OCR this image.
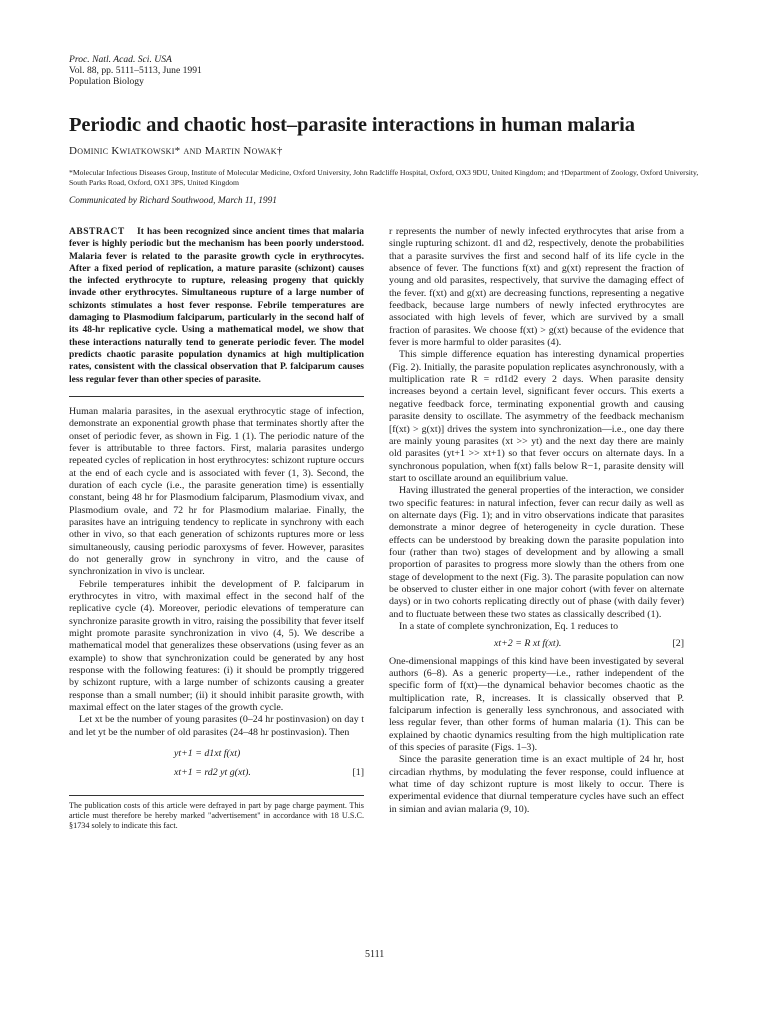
Proc. Natl. Acad. Sci. USA
Vol. 88, pp. 5111–5113, June 1991
Population Biology
Periodic and chaotic host–parasite interactions in human malaria
Dominic Kwiatkowski* and Martin Nowak†
*Molecular Infectious Diseases Group, Institute of Molecular Medicine, Oxford University, John Radcliffe Hospital, Oxford, OX3 9DU, United Kingdom; and †Department of Zoology, Oxford University, South Parks Road, Oxford, OX1 3PS, United Kingdom
Communicated by Richard Southwood, March 11, 1991

ABSTRACT It has been recognized since ancient times that malaria fever is highly periodic but the mechanism has been poorly understood. Malaria fever is related to the parasite growth cycle in erythrocytes. After a fixed period of replication, a mature parasite (schizont) causes the infected erythrocyte to rupture, releasing progeny that quickly invade other erythrocytes. Simultaneous rupture of a large number of schizonts stimulates a host fever response. Febrile temperatures are damaging to Plasmodium falciparum, particularly in the second half of its 48-hr replicative cycle. Using a mathematical model, we show that these interactions naturally tend to generate periodic fever. The model predicts chaotic parasite population dynamics at high multiplication rates, consistent with the classical observation that P. falciparum causes less regular fever than other species of parasite.

Human malaria parasites, in the asexual erythrocytic stage of infection, demonstrate an exponential growth phase that terminates shortly after the onset of periodic fever, as shown in Fig. 1 (1). The periodic nature of the fever is attributable to three factors. First, malaria parasites undergo repeated cycles of replication in host erythrocytes: schizont rupture occurs at the end of each cycle and is associated with fever (1, 3). Second, the duration of each cycle (i.e., the parasite generation time) is essentially constant, being 48 hr for Plasmodium falciparum, Plasmodium vivax, and Plasmodium ovale, and 72 hr for Plasmodium malariae. Finally, the parasites have an intriguing tendency to replicate in synchrony with each other in vivo, so that each generation of schizonts ruptures more or less simultaneously, causing periodic paroxysms of fever. However, parasites do not generally grow in synchrony in vitro, and the cause of synchronization in vivo is unclear.

Febrile temperatures inhibit the development of P. falciparum in erythrocytes in vitro, with maximal effect in the second half of the replicative cycle (4). Moreover, periodic elevations of temperature can synchronize parasite growth in vitro, raising the possibility that fever itself might promote parasite synchronization in vivo (4, 5). We describe a mathematical model that generalizes these observations (using fever as an example) to show that synchronization could be generated by any host response with the following features: (i) it should be promptly triggered by schizont rupture, with a large number of schizonts causing a greater response than a small number; (ii) it should inhibit parasite growth, with maximal effect on the later stages of the growth cycle.

Let xt be the number of young parasites (0–24 hr postinvasion) on day t and let yt be the number of old parasites (24–48 hr postinvasion). Then

yt+1 = d1xt f(xt)
xt+1 = rd2 yt g(xt).	[1]

The publication costs of this article were defrayed in part by page charge payment. This article must therefore be hereby marked "advertisement" in accordance with 18 U.S.C. §1734 solely to indicate this fact.

r represents the number of newly infected erythrocytes that arise from a single rupturing schizont. d1 and d2, respectively, denote the probabilities that a parasite survives the first and second half of its life cycle in the absence of fever. The functions f(xt) and g(xt) represent the fraction of young and old parasites, respectively, that survive the damaging effect of the fever. f(xt) and g(xt) are decreasing functions, representing a negative feedback, because large numbers of newly infected erythrocytes are associated with high levels of fever, which are survived by a small fraction of parasites. We choose f(xt) > g(xt) because of the evidence that fever is more harmful to older parasites (4).

This simple difference equation has interesting dynamical properties (Fig. 2). Initially, the parasite population replicates asynchronously, with a multiplication rate R = rd1d2 every 2 days. When parasite density increases beyond a certain level, significant fever occurs. This exerts a negative feedback force, terminating exponential growth and causing parasite density to oscillate. The asymmetry of the feedback mechanism [f(xt) > g(xt)] drives the system into synchronization—i.e., one day there are mainly young parasites (xt >> yt) and the next day there are mainly old parasites (yt+1 >> xt+1) so that fever occurs on alternate days. In a synchronous population, when f(xt) falls below R−1, parasite density will start to oscillate around an equilibrium value.

Having illustrated the general properties of the interaction, we consider two specific features: in natural infection, fever can recur daily as well as on alternate days (Fig. 1); and in vitro observations indicate that parasites demonstrate a minor degree of heterogeneity in cycle duration. These effects can be understood by breaking down the parasite population into four (rather than two) stages of development and by allowing a small proportion of parasites to progress more slowly than the others from one stage of development to the next (Fig. 3). The parasite population can now be observed to cluster either in one major cohort (with fever on alternate days) or in two cohorts replicating directly out of phase (with daily fever) and to fluctuate between these two states as classically described (1).

In a state of complete synchronization, Eq. 1 reduces to

xt+2 = R xt f(xt).	[2]

One-dimensional mappings of this kind have been investigated by several authors (6–8). As a generic property—i.e., rather independent of the specific form of f(xt)—the dynamical behavior becomes chaotic as the multiplication rate, R, increases. It is classically observed that P. falciparum infection is generally less synchronous, and associated with less regular fever, than other forms of human malaria (1). This can be explained by chaotic dynamics resulting from the high multiplication rate of this species of parasite (Figs. 1–3).

Since the parasite generation time is an exact multiple of 24 hr, host circadian rhythms, by modulating the fever response, could influence at what time of day schizont rupture is most likely to occur. There is experimental evidence that diurnal temperature cycles have such an effect in simian and avian malaria (9, 10).

5111
